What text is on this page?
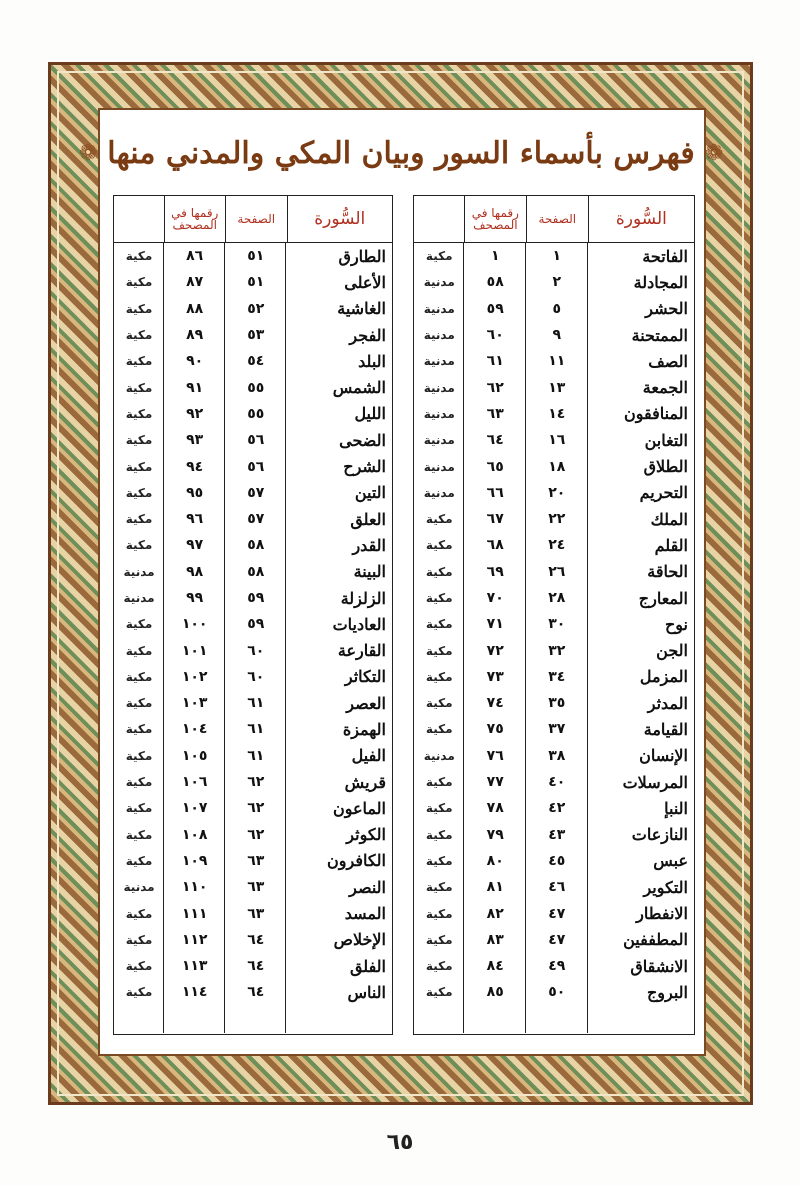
❁ فهرس بأسماء السور وبيان المكي والمدني منها ❁
السُّورة
الصفحة
رقمها في المصحف
الفاتحة
١
١
مكية
المجادلة
٢
٥٨
مدنية
الحشر
٥
٥٩
مدنية
الممتحنة
٩
٦٠
مدنية
الصف
١١
٦١
مدنية
الجمعة
١٣
٦٢
مدنية
المنافقون
١٤
٦٣
مدنية
التغابن
١٦
٦٤
مدنية
الطلاق
١٨
٦٥
مدنية
التحريم
٢٠
٦٦
مدنية
الملك
٢٢
٦٧
مكية
القلم
٢٤
٦٨
مكية
الحاقة
٢٦
٦٩
مكية
المعارج
٢٨
٧٠
مكية
نوح
٣٠
٧١
مكية
الجن
٣٢
٧٢
مكية
المزمل
٣٤
٧٣
مكية
المدثر
٣٥
٧٤
مكية
القيامة
٣٧
٧٥
مكية
الإنسان
٣٨
٧٦
مدنية
المرسلات
٤٠
٧٧
مكية
النبإ
٤٢
٧٨
مكية
النازعات
٤٣
٧٩
مكية
عبس
٤٥
٨٠
مكية
التكوير
٤٦
٨١
مكية
الانفطار
٤٧
٨٢
مكية
المطففين
٤٧
٨٣
مكية
الانشقاق
٤٩
٨٤
مكية
البروج
٥٠
٨٥
مكية
السُّورة
الصفحة
رقمها في المصحف
الطارق
٥١
٨٦
مكية
الأعلى
٥١
٨٧
مكية
الغاشية
٥٢
٨٨
مكية
الفجر
٥٣
٨٩
مكية
البلد
٥٤
٩٠
مكية
الشمس
٥٥
٩١
مكية
الليل
٥٥
٩٢
مكية
الضحى
٥٦
٩٣
مكية
الشرح
٥٦
٩٤
مكية
التين
٥٧
٩٥
مكية
العلق
٥٧
٩٦
مكية
القدر
٥٨
٩٧
مكية
البينة
٥٨
٩٨
مدنية
الزلزلة
٥٩
٩٩
مدنية
العاديات
٥٩
١٠٠
مكية
القارعة
٦٠
١٠١
مكية
التكاثر
٦٠
١٠٢
مكية
العصر
٦١
١٠٣
مكية
الهمزة
٦١
١٠٤
مكية
الفيل
٦١
١٠٥
مكية
قريش
٦٢
١٠٦
مكية
الماعون
٦٢
١٠٧
مكية
الكوثر
٦٢
١٠٨
مكية
الكافرون
٦٣
١٠٩
مكية
النصر
٦٣
١١٠
مدنية
المسد
٦٣
١١١
مكية
الإخلاص
٦٤
١١٢
مكية
الفلق
٦٤
١١٣
مكية
الناس
٦٤
١١٤
مكية
٦٥
